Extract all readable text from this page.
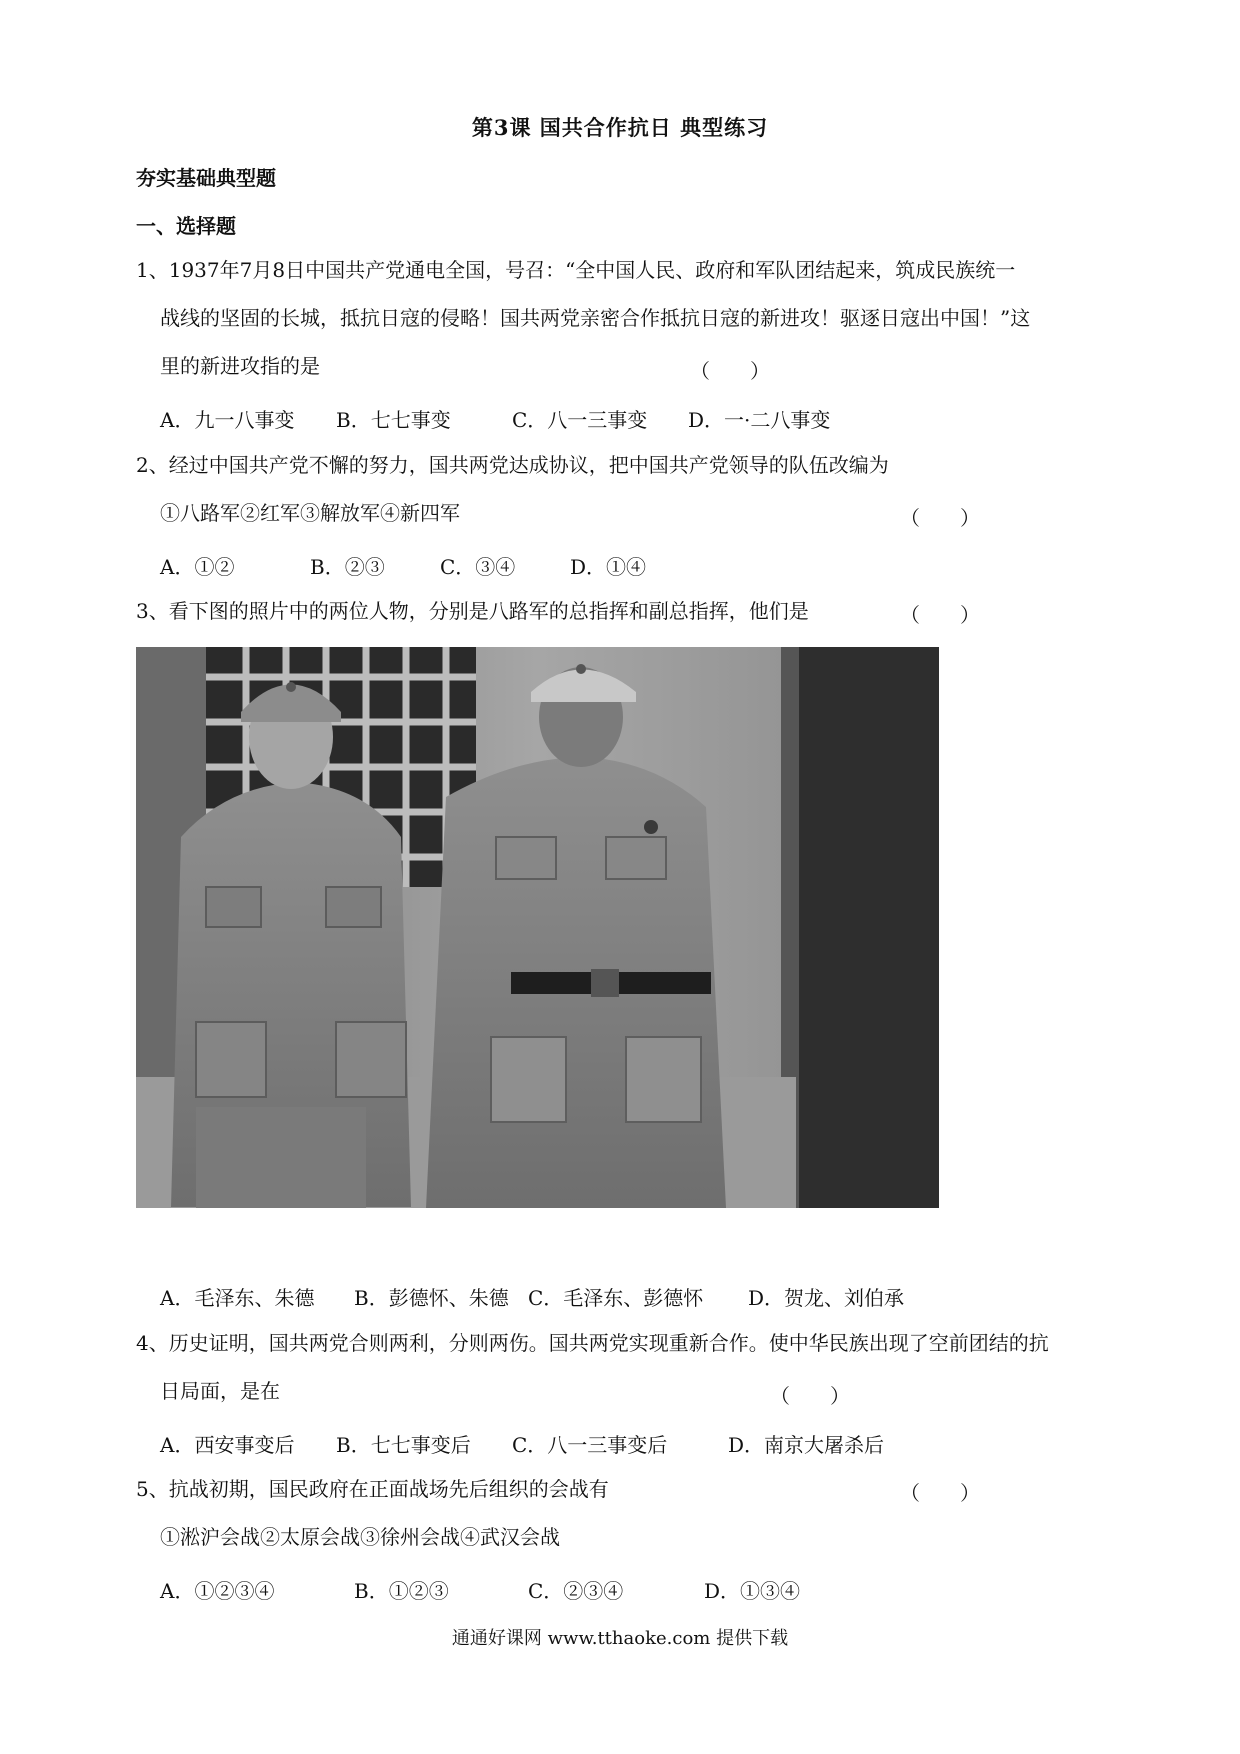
第3课 国共合作抗日 典型练习
夯实基础典型题
一、选择题
1、1937年7月8日中国共产党通电全国，号召：“全中国人民、政府和军队团结起来，筑成民族统一
战线的坚固的长城，抵抗日寇的侵略！国共两党亲密合作抵抗日寇的新进攻！驱逐日寇出中国！”这
里的新进攻指的是	（　　）
A．九一八事变 B．七七事变	C．八一三事变 D．一·二八事变
2、经过中国共产党不懈的努力，国共两党达成协议，把中国共产党领导的队伍改编为
①八路军②红军③解放军④新四军	（　　）
A．①②	B．②③	C．③④	D．①④
3、看下图的照片中的两位人物，分别是八路军的总指挥和副总指挥，他们是	（　　）
A．毛泽东、朱德 B．彭德怀、朱德 C．毛泽东、彭德怀 D．贺龙、刘伯承
4、历史证明，国共两党合则两利，分则两伤。国共两党实现重新合作。使中华民族出现了空前团结的抗
日局面，是在	（　　）
A．西安事变后 B．七七事变后 C．八一三事变后	D．南京大屠杀后
5、抗战初期，国民政府在正面战场先后组织的会战有
①淞沪会战②太原会战③徐州会战④武汉会战
（　　）
A．①②③④	B．①②③	C．②③④	D．①③④
通通好课网 www.tthaoke.com 提供下载
